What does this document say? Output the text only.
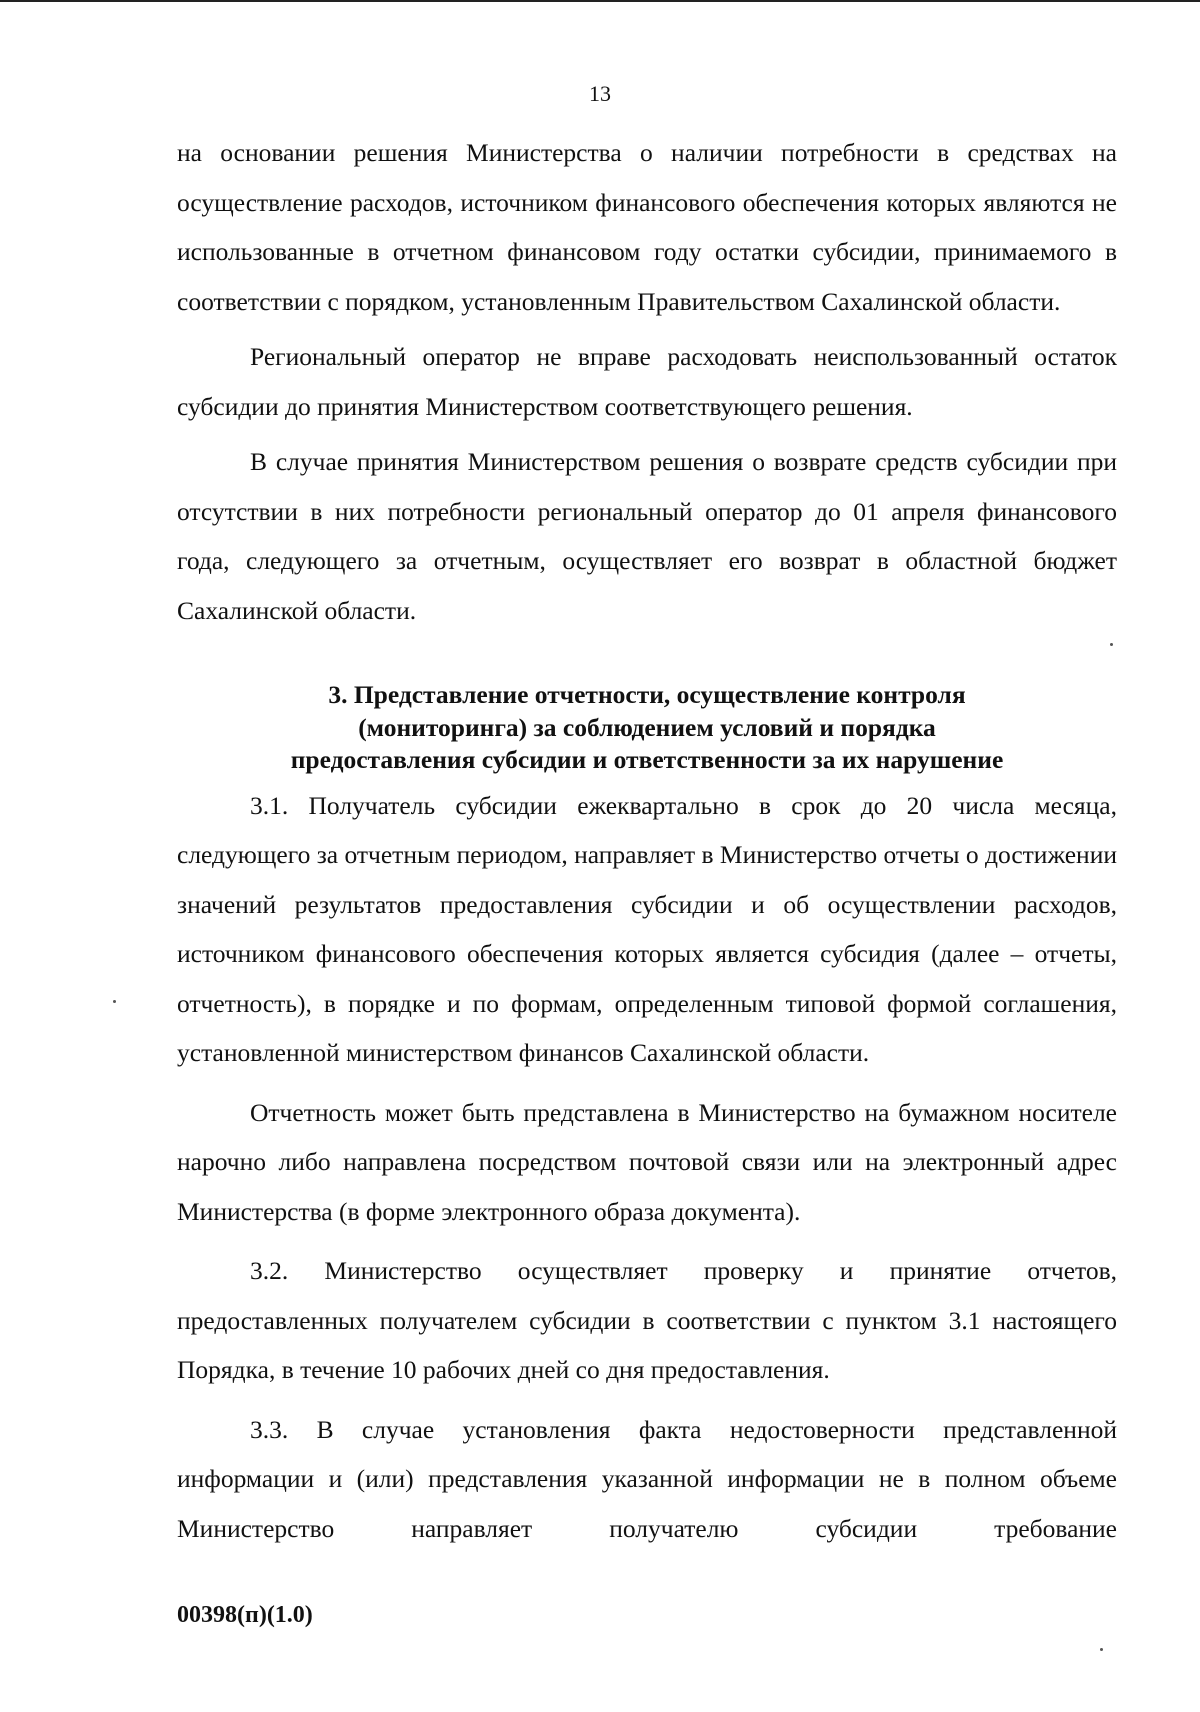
13

на основании решения Министерства о наличии потребности в средствах на осуществление расходов, источником финансового обеспечения которых являются не использованные в отчетном финансовом году остатки субсидии, принимаемого в соответствии с порядком, установленным Правительством Сахалинской области.

Региональный оператор не вправе расходовать неиспользованный остаток субсидии до принятия Министерством соответствующего решения.

В случае принятия Министерством решения о возврате средств субсидии при отсутствии в них потребности региональный оператор до 01 апреля финансового года, следующего за отчетным, осуществляет его возврат в областной бюджет Сахалинской области.

3. Представление отчетности, осуществление контроля

(мониторинга) за соблюдением условий и порядка

предоставления субсидии и ответственности за их нарушение

3.1. Получатель субсидии ежеквартально в срок до 20 числа месяца, следующего за отчетным периодом, направляет в Министерство отчеты о достижении значений результатов предоставления субсидии и об осуществлении расходов, источником финансового обеспечения которых является субсидия (далее – отчеты, отчетность), в порядке и по формам, определенным типовой формой соглашения, установленной министерством финансов Сахалинской области.

Отчетность может быть представлена в Министерство на бумажном носителе нарочно либо направлена посредством почтовой связи или на электронный адрес Министерства (в форме электронного образа документа).

3.2. Министерство осуществляет проверку и принятие отчетов, предоставленных получателем субсидии в соответствии с пунктом 3.1 настоящего Порядка, в течение 10 рабочих дней со дня предоставления.

3.3. В случае установления факта недостоверности представленной информации и (или) представления указанной информации не в полном объеме Министерство направляет получателю субсидии требование

00398(п)(1.0)
